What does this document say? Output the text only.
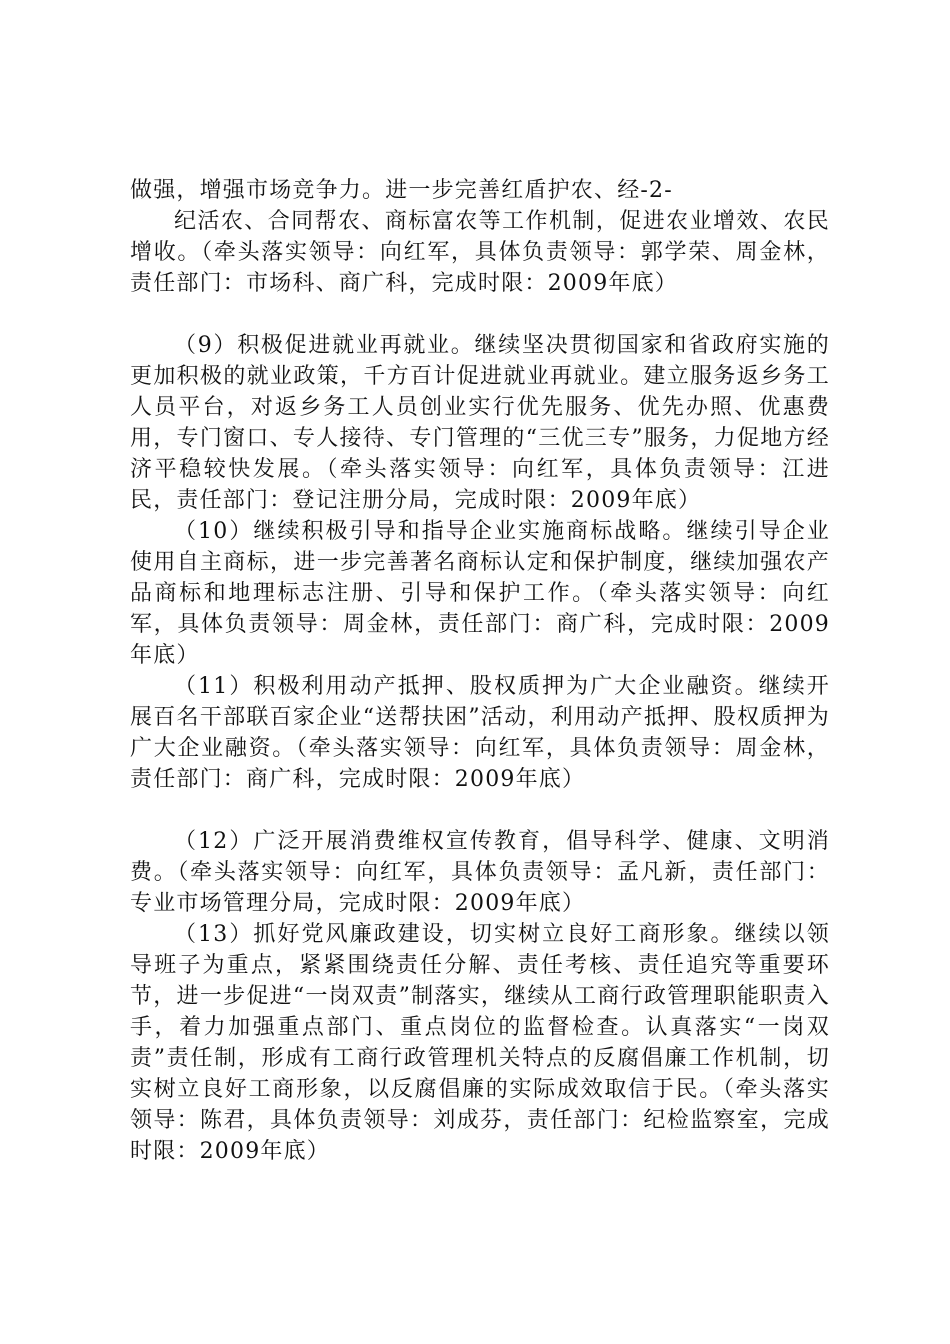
做强，增强市场竞争力。进一步完善红盾护农、经-2-

纪活农、合同帮农、商标富农等工作机制，促进农业增效、农民增收。（牵头落实领导：向红军，具体负责领导：郭学荣、周金林，责任部门：市场科、商广科，完成时限：2009年底）

（9）积极促进就业再就业。继续坚决贯彻国家和省政府实施的更加积极的就业政策，千方百计促进就业再就业。建立服务返乡务工人员平台，对返乡务工人员创业实行优先服务、优先办照、优惠费用，专门窗口、专人接待、专门管理的“三优三专”服务，力促地方经济平稳较快发展。（牵头落实领导：向红军，具体负责领导：江进民，责任部门：登记注册分局，完成时限：2009年底）

（10）继续积极引导和指导企业实施商标战略。继续引导企业使用自主商标，进一步完善著名商标认定和保护制度，继续加强农产品商标和地理标志注册、引导和保护工作。（牵头落实领导：向红军，具体负责领导：周金林，责任部门：商广科，完成时限：2009年底）

（11）积极利用动产抵押、股权质押为广大企业融资。继续开展百名干部联百家企业“送帮扶困”活动，利用动产抵押、股权质押为广大企业融资。（牵头落实领导：向红军，具体负责领导：周金林，责任部门：商广科，完成时限：2009年底）

（12）广泛开展消费维权宣传教育，倡导科学、健康、文明消费。（牵头落实领导：向红军，具体负责领导：孟凡新，责任部门：专业市场管理分局，完成时限：2009年底）

（13）抓好党风廉政建设，切实树立良好工商形象。继续以领导班子为重点，紧紧围绕责任分解、责任考核、责任追究等重要环节，进一步促进“一岗双责”制落实，继续从工商行政管理职能职责入手，着力加强重点部门、重点岗位的监督检查。认真落实“一岗双责”责任制，形成有工商行政管理机关特点的反腐倡廉工作机制，切实树立良好工商形象，以反腐倡廉的实际成效取信于民。（牵头落实领导：陈君，具体负责领导：刘成芬，责任部门：纪检监察室，完成时限：2009年底）
